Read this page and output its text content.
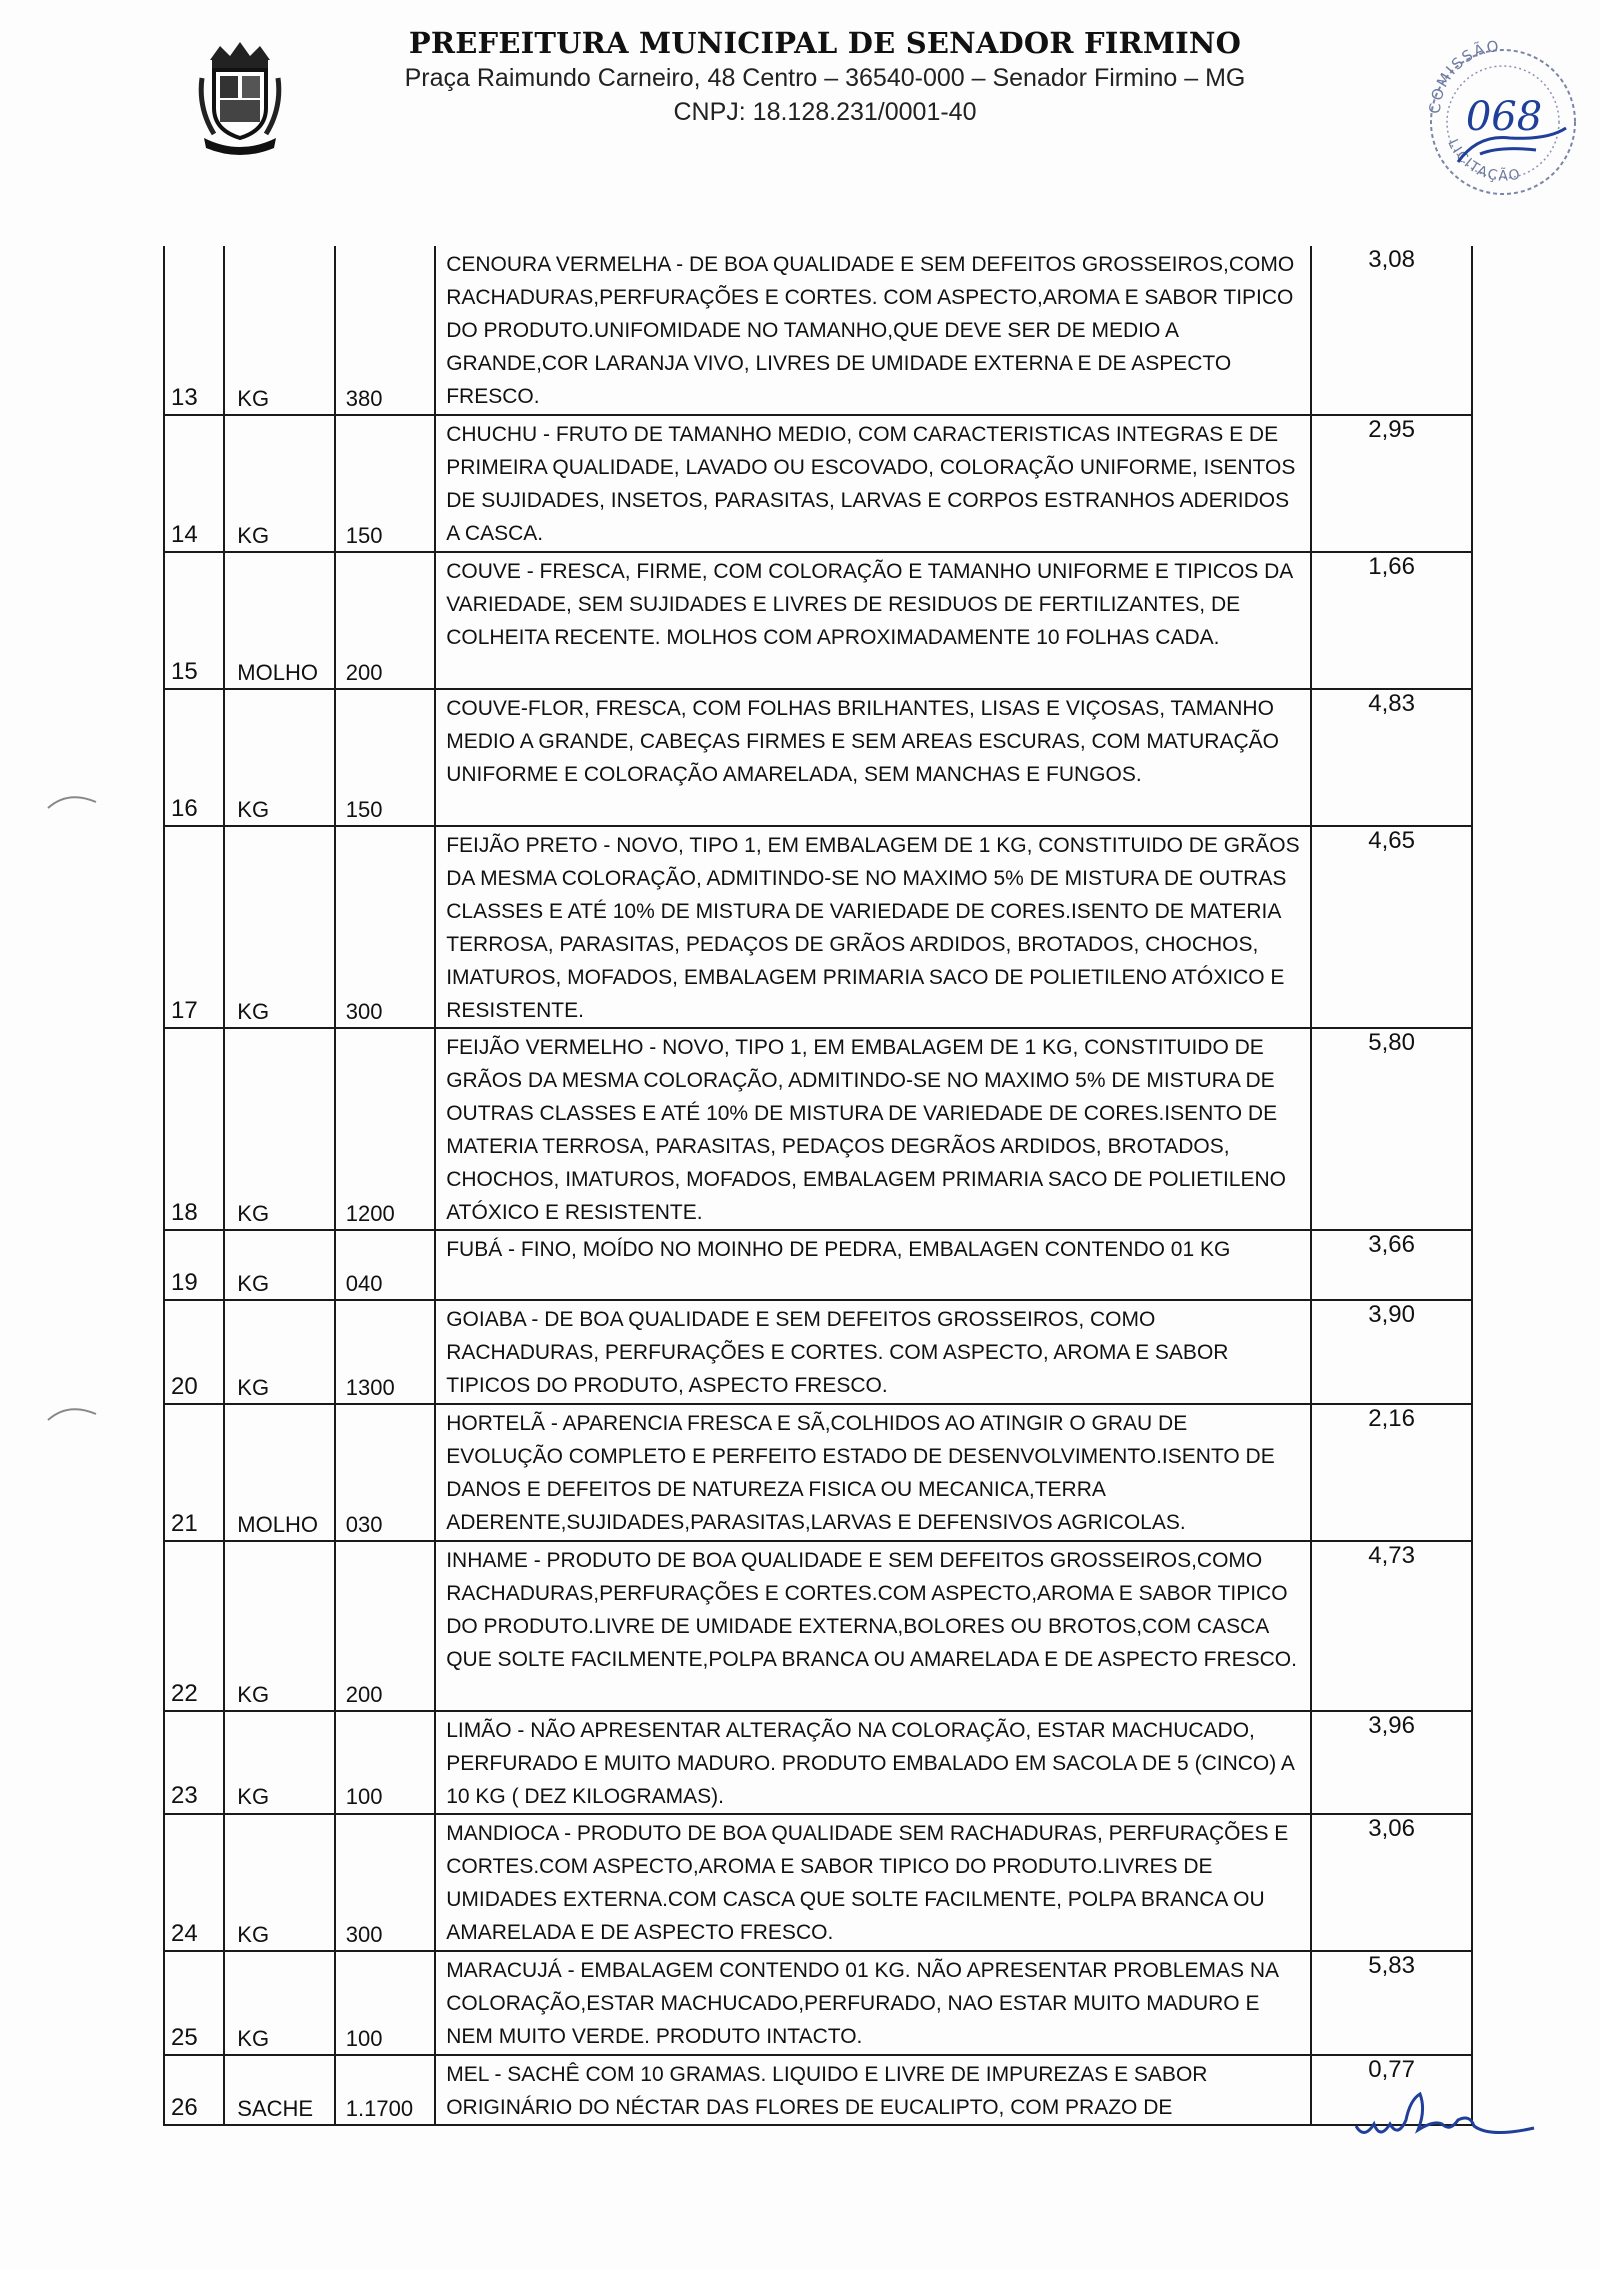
PREFEITURA MUNICIPAL DE SENADOR FIRMINO
Praça Raimundo Carneiro, 48 Centro – 36540-000 – Senador Firmino – MG
CNPJ: 18.128.231/0001-40	COMISSÃO
LICITAÇÃO
068
13	KG	380	CENOURA VERMELHA - DE BOA QUALIDADE E SEM DEFEITOS GROSSEIROS,COMO RACHADURAS,PERFURAÇÕES E CORTES. COM ASPECTO,AROMA E SABOR TIPICO DO PRODUTO.UNIFOMIDADE NO TAMANHO,QUE DEVE SER DE MEDIO A GRANDE,COR LARANJA VIVO, LIVRES DE UMIDADE EXTERNA E DE ASPECTO FRESCO.	3,08

14	KG	150	CHUCHU - FRUTO DE TAMANHO MEDIO, COM CARACTERISTICAS INTEGRAS E DE PRIMEIRA QUALIDADE, LAVADO OU ESCOVADO, COLORAÇÃO UNIFORME, ISENTOS DE SUJIDADES, INSETOS, PARASITAS, LARVAS E CORPOS ESTRANHOS ADERIDOS A CASCA.	2,95

15	MOLHO	200	COUVE - FRESCA, FIRME, COM COLORAÇÃO E TAMANHO UNIFORME E TIPICOS DA VARIEDADE, SEM SUJIDADES E LIVRES DE RESIDUOS DE FERTILIZANTES, DE COLHEITA RECENTE. MOLHOS COM APROXIMADAMENTE 10 FOLHAS CADA.	1,66

16	KG	150	COUVE-FLOR, FRESCA, COM FOLHAS BRILHANTES, LISAS E VIÇOSAS, TAMANHO MEDIO A GRANDE, CABEÇAS FIRMES E SEM AREAS ESCURAS, COM MATURAÇÃO UNIFORME E COLORAÇÃO AMARELADA, SEM MANCHAS E FUNGOS.	4,83

17	KG	300	FEIJÃO PRETO - NOVO, TIPO 1, EM EMBALAGEM DE 1 KG, CONSTITUIDO DE GRÃOS DA MESMA COLORAÇÃO, ADMITINDO-SE NO MAXIMO 5% DE MISTURA DE OUTRAS CLASSES E ATÉ 10% DE MISTURA DE VARIEDADE DE CORES.ISENTO DE MATERIA TERROSA, PARASITAS, PEDAÇOS DE GRÃOS ARDIDOS, BROTADOS, CHOCHOS, IMATUROS, MOFADOS, EMBALAGEM PRIMARIA SACO DE POLIETILENO ATÓXICO E RESISTENTE.	4,65

18	KG	1200	FEIJÃO VERMELHO - NOVO, TIPO 1, EM EMBALAGEM DE 1 KG, CONSTITUIDO DE GRÃOS DA MESMA COLORAÇÃO, ADMITINDO-SE NO MAXIMO 5% DE MISTURA DE OUTRAS CLASSES E ATÉ 10% DE MISTURA DE VARIEDADE DE CORES.ISENTO DE MATERIA TERROSA, PARASITAS, PEDAÇOS DEGRÃOS ARDIDOS, BROTADOS, CHOCHOS, IMATUROS, MOFADOS, EMBALAGEM PRIMARIA SACO DE POLIETILENO ATÓXICO E RESISTENTE.	5,80

19	KG	040	FUBÁ - FINO, MOÍDO NO MOINHO DE PEDRA, EMBALAGEN CONTENDO 01 KG	3,66

20	KG	1300	GOIABA - DE BOA QUALIDADE E SEM DEFEITOS GROSSEIROS, COMO RACHADURAS, PERFURAÇÕES E CORTES. COM ASPECTO, AROMA E SABOR TIPICOS DO PRODUTO, ASPECTO FRESCO.	3,90

21	MOLHO	030	HORTELÃ - APARENCIA FRESCA E SÃ,COLHIDOS AO ATINGIR O GRAU DE EVOLUÇÃO COMPLETO E PERFEITO ESTADO DE DESENVOLVIMENTO.ISENTO DE DANOS E DEFEITOS DE NATUREZA FISICA OU MECANICA,TERRA ADERENTE,SUJIDADES,PARASITAS,LARVAS E DEFENSIVOS AGRICOLAS.	2,16

22	KG	200	INHAME - PRODUTO DE BOA QUALIDADE E SEM DEFEITOS GROSSEIROS,COMO RACHADURAS,PERFURAÇÕES E CORTES.COM ASPECTO,AROMA E SABOR TIPICO DO PRODUTO.LIVRE DE UMIDADE EXTERNA,BOLORES OU BROTOS,COM CASCA QUE SOLTE FACILMENTE,POLPA BRANCA OU AMARELADA E DE ASPECTO FRESCO.	4,73

23	KG	100	LIMÃO - NÃO APRESENTAR ALTERAÇÃO NA COLORAÇÃO, ESTAR MACHUCADO, PERFURADO E MUITO MADURO. PRODUTO EMBALADO EM SACOLA DE 5 (CINCO) A 10 KG ( DEZ KILOGRAMAS).	3,96

24	KG	300	MANDIOCA - PRODUTO DE BOA QUALIDADE SEM RACHADURAS, PERFURAÇÕES E CORTES.COM ASPECTO,AROMA E SABOR TIPICO DO PRODUTO.LIVRES DE UMIDADES EXTERNA.COM CASCA QUE SOLTE FACILMENTE, POLPA BRANCA OU AMARELADA E DE ASPECTO FRESCO.	3,06

25	KG	100	MARACUJÁ - EMBALAGEM CONTENDO 01 KG. NÃO APRESENTAR PROBLEMAS NA COLORAÇÃO,ESTAR MACHUCADO,PERFURADO, NAO ESTAR MUITO MADURO E NEM MUITO VERDE. PRODUTO INTACTO.	5,83

26	SACHE	1.1700	MEL - SACHÊ COM 10 GRAMAS. LIQUIDO E LIVRE DE IMPUREZAS E SABOR ORIGINÁRIO DO NÉCTAR DAS FLORES DE EUCALIPTO, COM PRAZO DE	0,77
